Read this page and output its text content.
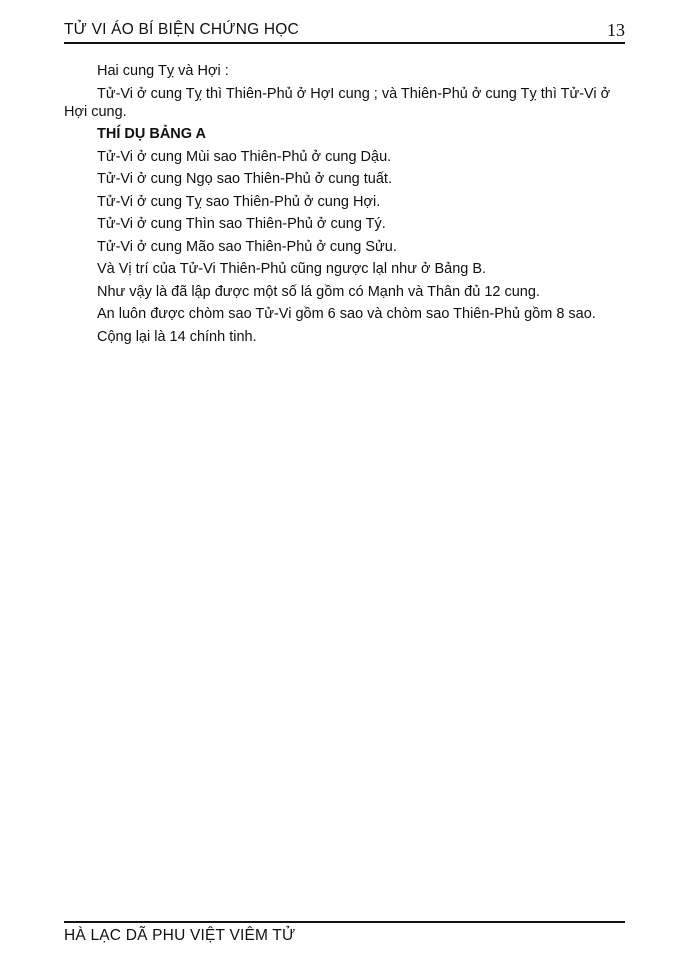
TỬ VI ÁO BÍ BIỆN CHỨNG HỌC	13

Hai cung Tỵ và Hợi :

Tử-Vi ở cung Tỵ thì Thiên-Phủ ở HợI cung ; và Thiên-Phủ ở cung Tỵ thì Tử-Vi ở Hợi cung.

THÍ DỤ BẢNG A

Tử-Vi ở cung Mùi sao Thiên-Phủ ở cung Dậu.

Tử-Vi ở cung Ngọ sao Thiên-Phủ ở cung tuất.

Tử-Vi ở cung Tỵ sao Thiên-Phủ ở cung Hợi.

Tử-Vi ở cung Thìn sao Thiên-Phủ ở cung Tý.

Tử-Vi ở cung Mão sao Thiên-Phủ ở cung Sửu.

Và Vị trí của Tử-Vi Thiên-Phủ cũng ngược lạl như ở Bảng B.

Như vậy là đã lập được một số lá gồm có Mạnh và Thân đủ 12 cung.

An luôn được chòm sao Tử-Vi gồm 6 sao và chòm sao Thiên-Phủ gồm 8 sao.

Cộng lại là 14 chính tinh.

HÀ LẠC DÃ PHU VIỆT VIÊM TỬ
